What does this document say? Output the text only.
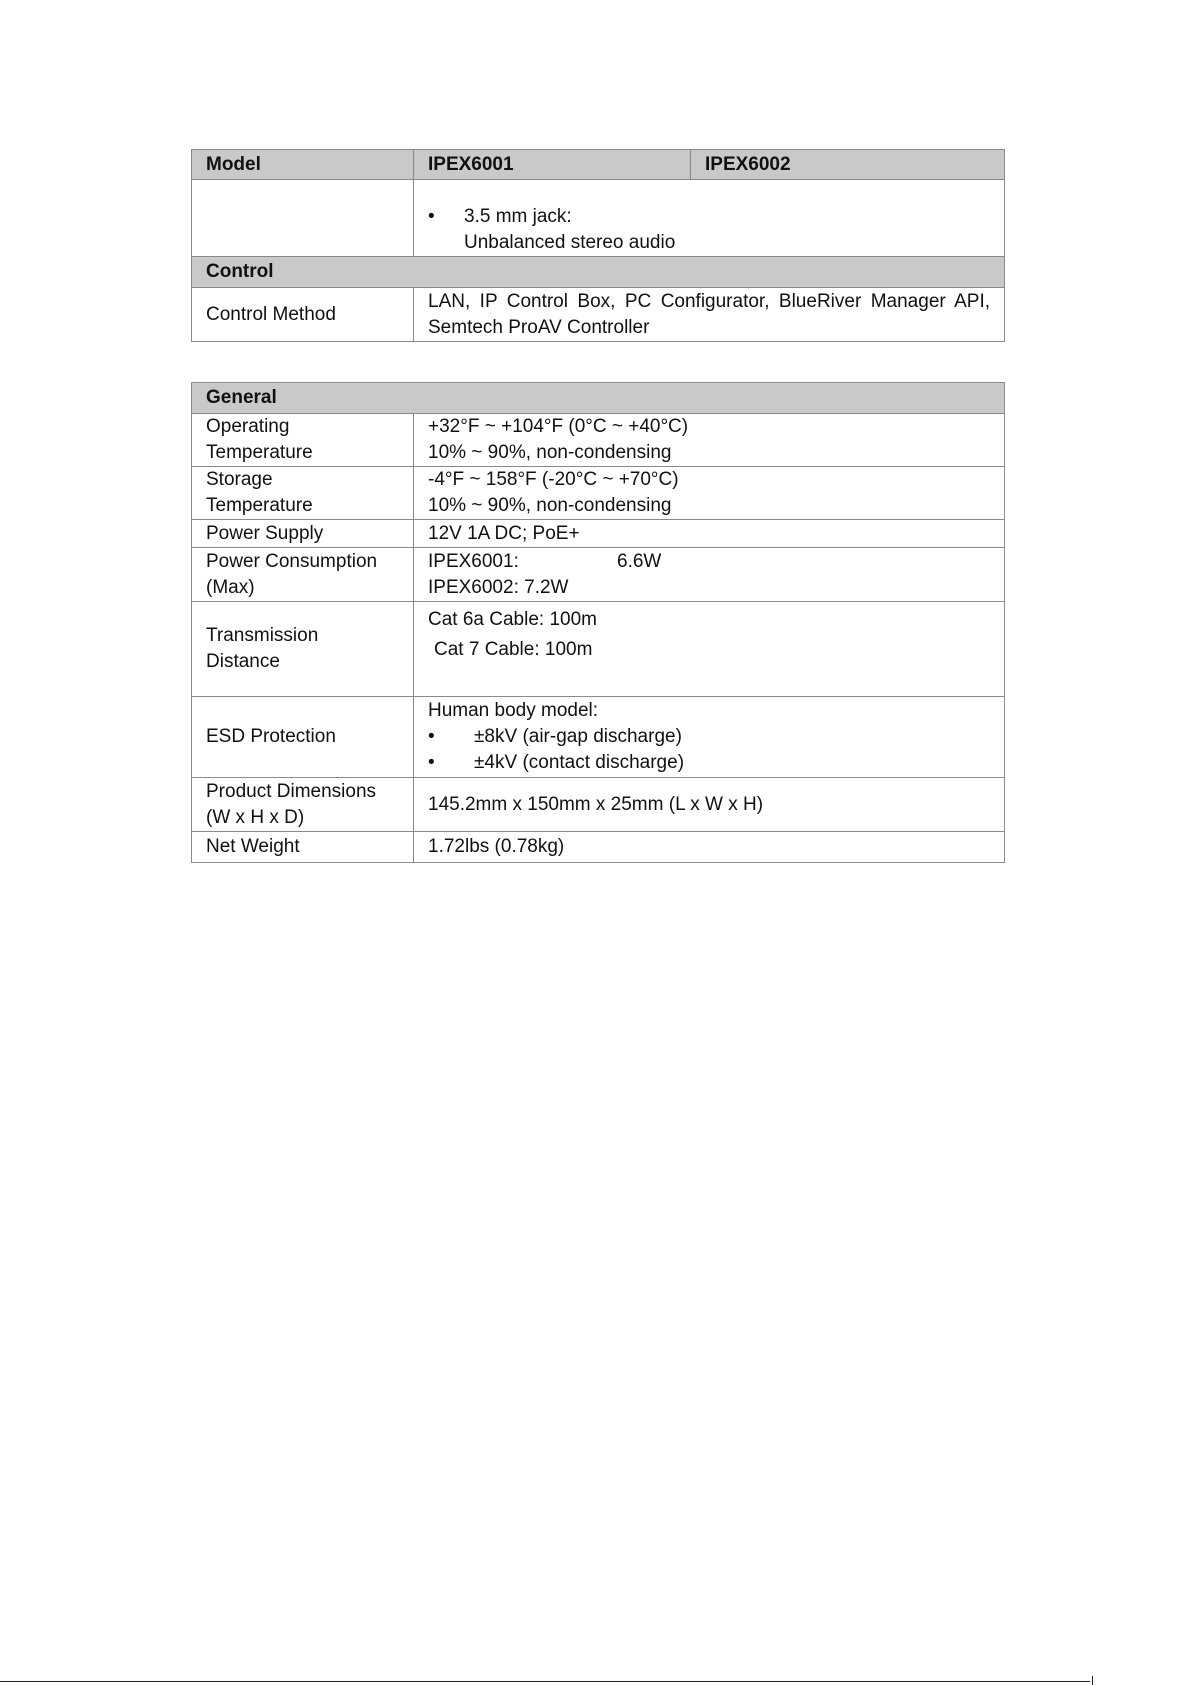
Model	IPEX6001	IPEX6002

	• 3.5 mm jack:
Unbalanced stereo audio	

Control		
Control Method	LAN, IP Control Box, PC Configurator, BlueRiver Manager API, Semtech ProAV Controller	
General	

Operating
Temperature	+32°F ~ +104°F (0°C ~ +40°C)
10% ~ 90%, non-condensing

Storage
Temperature	-4°F ~ 158°F (-20°C ~ +70°C)
10% ~ 90%, non-condensing

Power Supply	12V 1A DC; PoE+

Power Consumption
(Max)	IPEX6001: 6.6W
IPEX6002: 7.2W

Transmission
Distance	Cat 6a Cable: 100m
Cat 7 Cable: 100m

ESD Protection	Human body model:
• ±8kV (air-gap discharge)
• ±4kV (contact discharge)

Product Dimensions
(W x H x D)	145.2mm x 150mm x 25mm (L x W x H)
Net Weight	1.72lbs (0.78kg)
